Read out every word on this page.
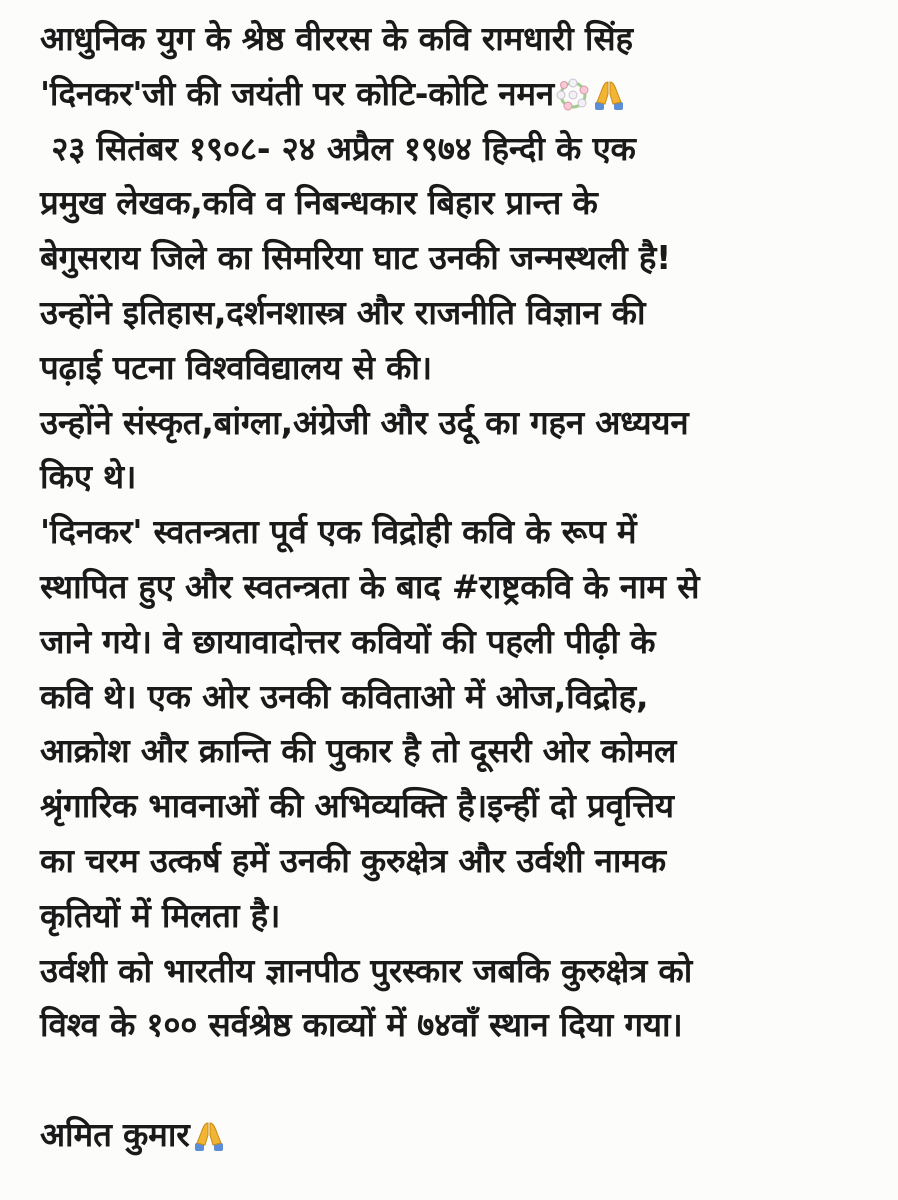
आधुनिक युग के श्रेष्ठ वीररस के कवि रामधारी सिंह
'दिनकर'जी की जयंती पर कोटि-कोटि नमन
२३ सितंबर १९०८- २४ अप्रैल १९७४ हिन्दी के एक
प्रमुख लेखक,कवि व निबन्धकार बिहार प्रान्त के
बेगुसराय जिले का सिमरिया घाट उनकी जन्मस्थली है!
उन्होंने इतिहास,दर्शनशास्त्र और राजनीति विज्ञान की
पढ़ाई पटना विश्वविद्यालय से की।
उन्होंने संस्कृत,बांग्ला,अंग्रेजी और उर्दू का गहन अध्ययन
किए थे।
'दिनकर' स्वतन्त्रता पूर्व एक विद्रोही कवि के रूप में
स्थापित हुए और स्वतन्त्रता के बाद #राष्ट्रकवि के नाम से
जाने गये। वे छायावादोत्तर कवियों की पहली पीढ़ी के
कवि थे। एक ओर उनकी कविताओ में ओज,विद्रोह,
आक्रोश और क्रान्ति की पुकार है तो दूसरी ओर कोमल
श्रृंगारिक भावनाओं की अभिव्यक्ति है।इन्हीं दो प्रवृत्तिय
का चरम उत्कर्ष हमें उनकी कुरुक्षेत्र और उर्वशी नामक
कृतियों में मिलता है।
उर्वशी को भारतीय ज्ञानपीठ पुरस्कार जबकि कुरुक्षेत्र को
विश्व के १०० सर्वश्रेष्ठ काव्यों में ७४वाँ स्थान दिया गया।
अमित कुमार
